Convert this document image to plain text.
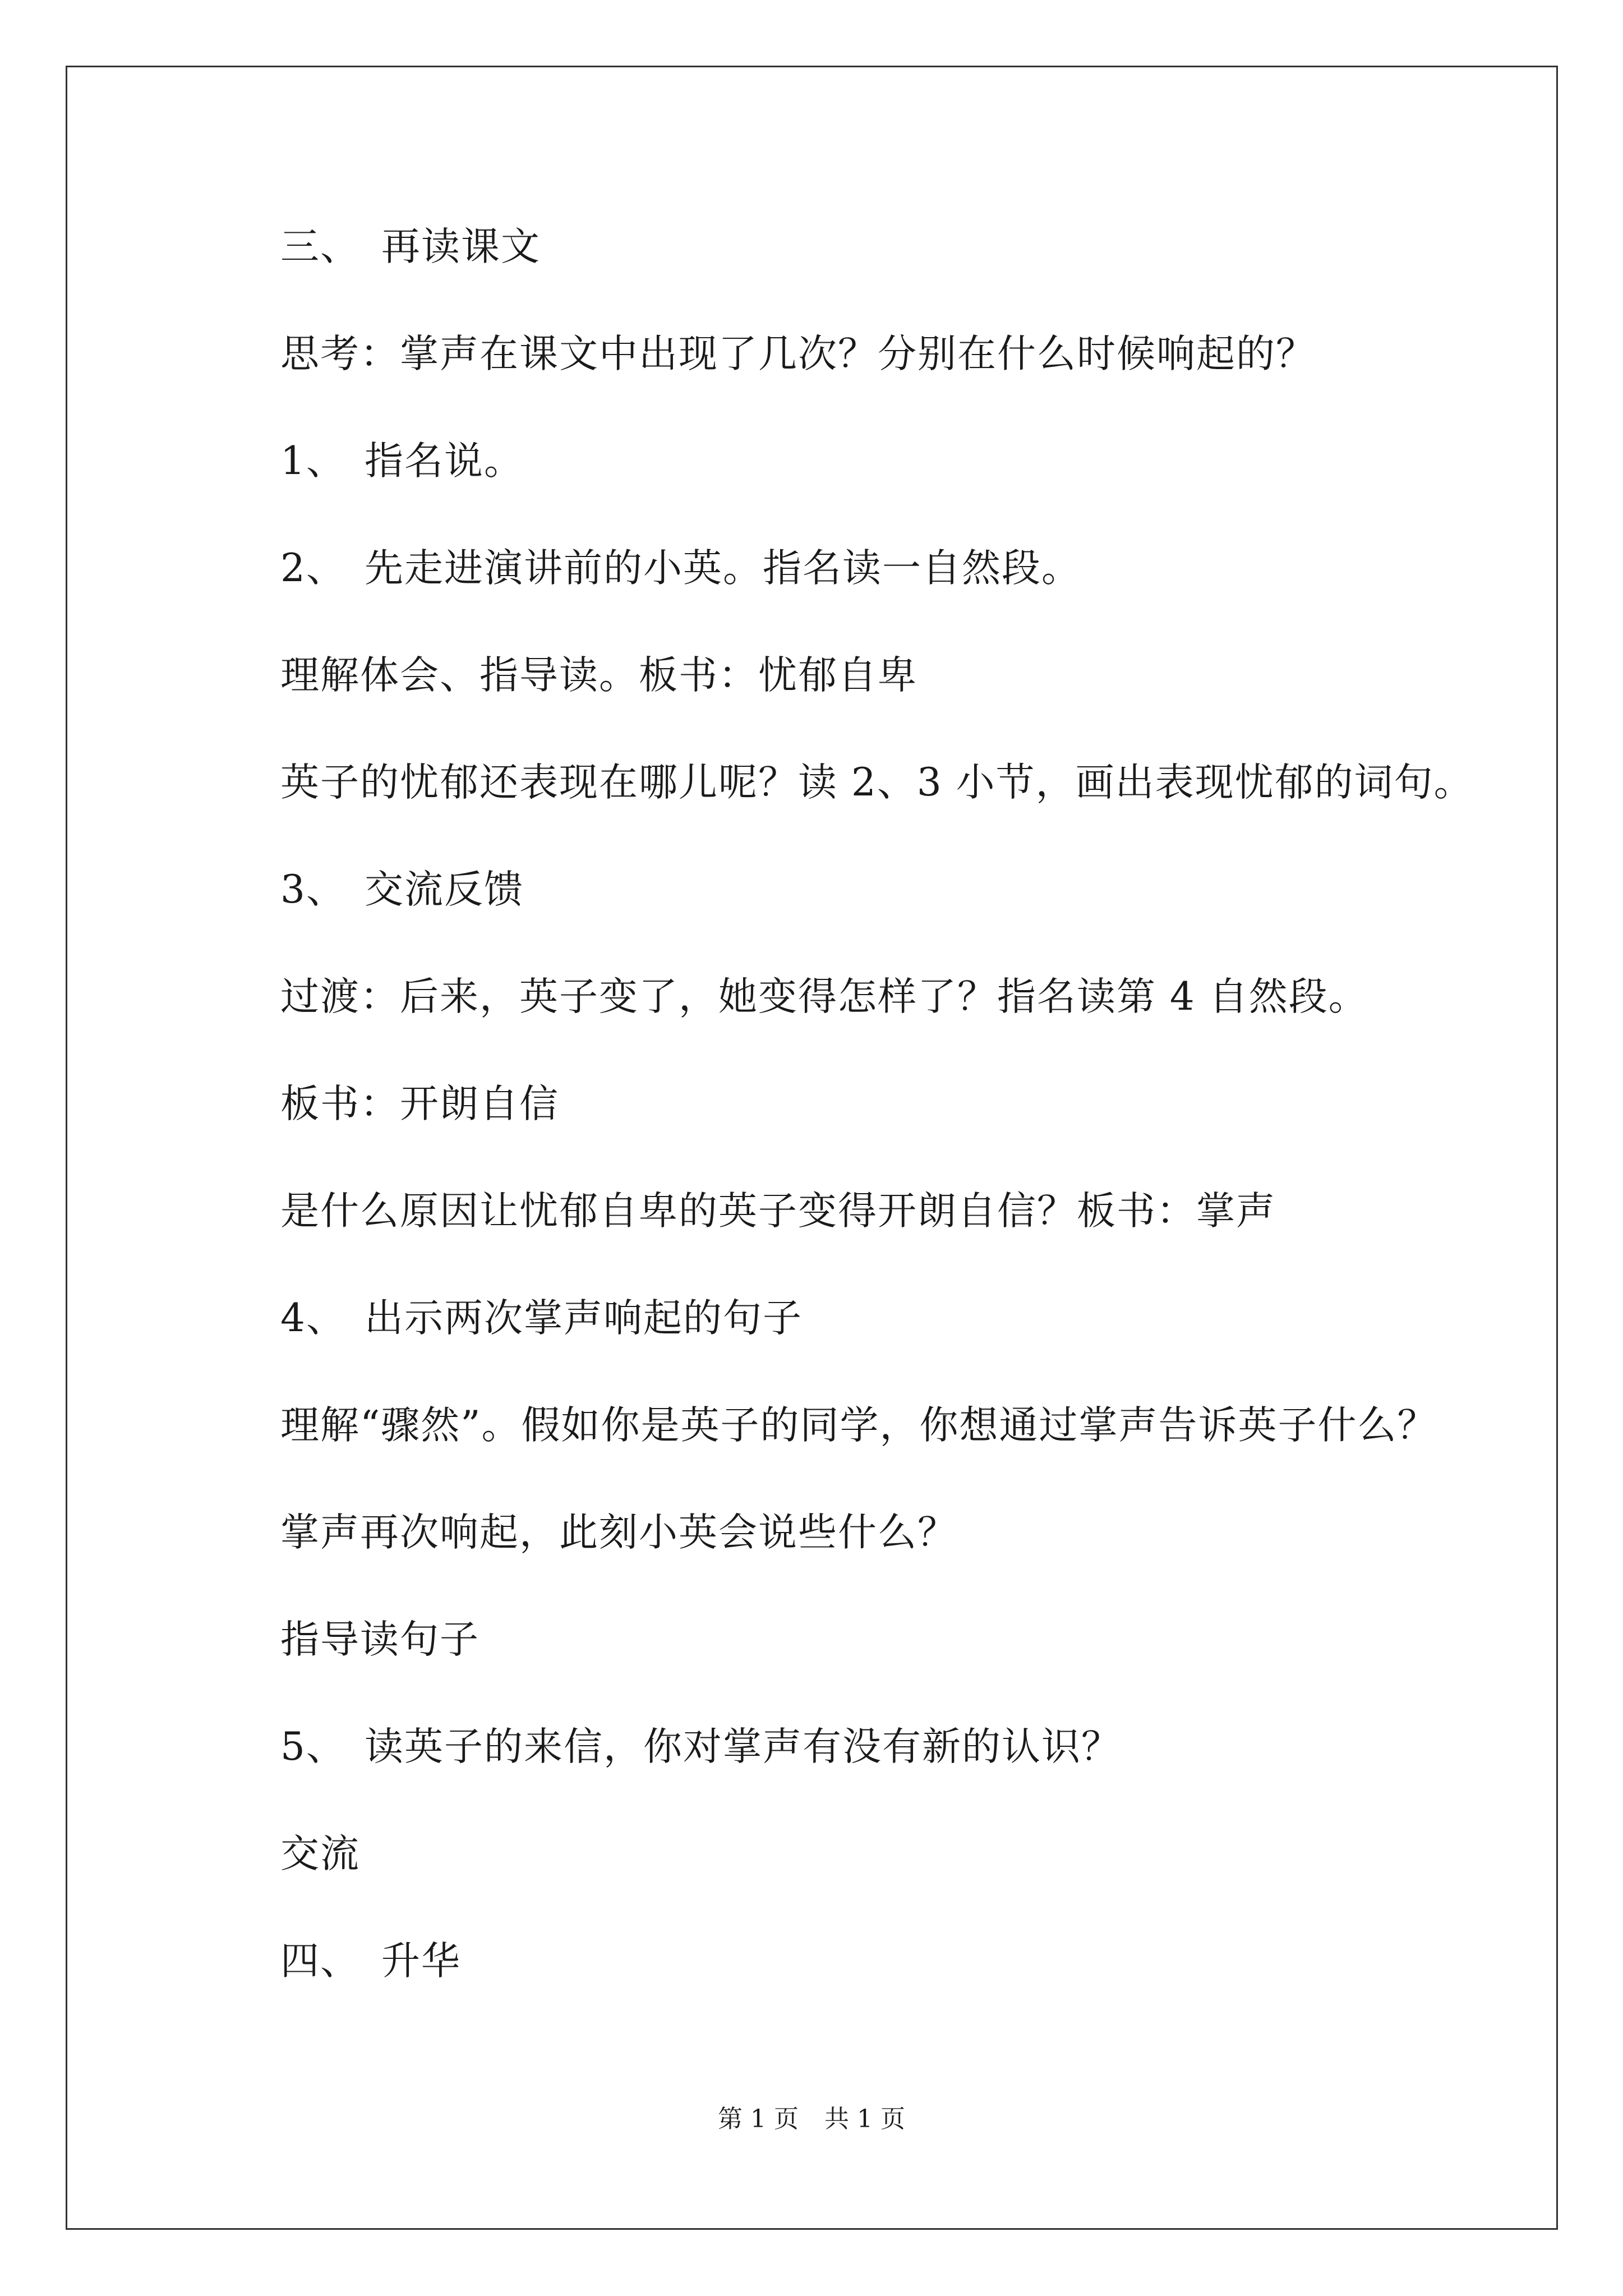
三、 再读课文
思考：掌声在课文中出现了几次？分别在什么时候响起的？
1、 指名说。
2、 先走进演讲前的小英。指名读一自然段。
理解体会、指导读。板书：忧郁自卑
英子的忧郁还表现在哪儿呢？读 2、3 小节，画出表现忧郁的词句。
3、 交流反馈
过渡：后来，英子变了，她变得怎样了？指名读第 4 自然段。
板书：开朗自信
是什么原因让忧郁自卑的英子变得开朗自信？板书：掌声
4、 出示两次掌声响起的句子
理解“骤然”。假如你是英子的同学，你想通过掌声告诉英子什么？
掌声再次响起，此刻小英会说些什么？
指导读句子
5、 读英子的来信，你对掌声有没有新的认识？
交流
四、 升华
第 1 页 共 1 页
